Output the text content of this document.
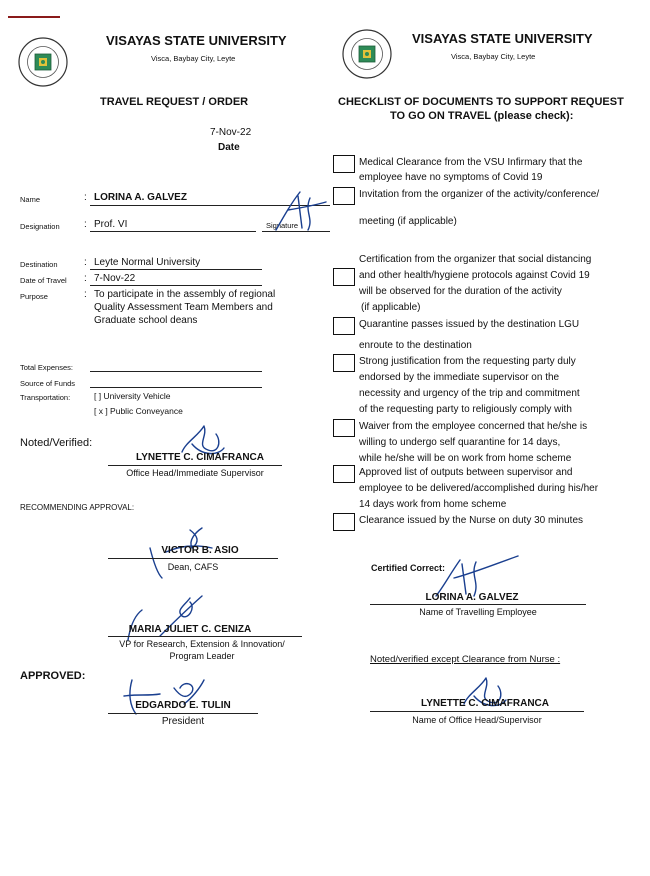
VISAYAS STATE UNIVERSITY
Visca, Baybay City, Leyte
TRAVEL REQUEST / ORDER
7-Nov-22
Date
Name	: LORINA A. GALVEZ
Designation : Prof. VI	Signature
Destination	: Leyte Normal University
Date of Travel : 7-Nov-22
Purpose	: To participate in the assembly of regional
Quality Assessment Team Members and
Graduate school deans
Total Expenses:
Source of Funds
Transportation:	[ ] University Vehicle
[ x ] Public Conveyance
Noted/Verified:
LYNETTE C. CIMAFRANCA
Office Head/Immediate Supervisor
RECOMMENDING APPROVAL:
VICTOR B. ASIO
Dean, CAFS
MARIA JULIET C. CENIZA
VP for Research, Extension & Innovation/
Program Leader
APPROVED:
EDGARDO E. TULIN
President
VISAYAS STATE UNIVERSITY
Visca, Baybay City, Leyte
CHECKLIST OF DOCUMENTS TO SUPPORT REQUEST
TO GO ON TRAVEL (please check):
Medical Clearance from the VSU Infirmary that the
employee have no symptoms of Covid 19
Invitation from the organizer of the activity/conference/
meeting (if applicable)
Certification from the organizer that social distancing
and other health/hygiene protocols against Covid 19
will be observed for the duration of the activity
(if applicable)
Quarantine passes issued by the destination LGU
enroute to the destination
Strong justification from the requesting party duly
endorsed by the immediate supervisor on the
necessity and urgency of the trip and commitment
of the requesting party to religiously comply with
Waiver from the employee concerned that he/she is
willing to undergo self quarantine for 14 days,
while he/she will be on work from home scheme
Approved list of outputs between supervisor and
employee to be delivered/accomplished during his/her
14 days work from home scheme
Clearance issued by the Nurse on duty 30 minutes
Certified Correct:
LORINA A. GALVEZ
Name of Travelling Employee
Noted/verified except Clearance from Nurse :
LYNETTE C. CIMAFRANCA
Name of Office Head/Supervisor
